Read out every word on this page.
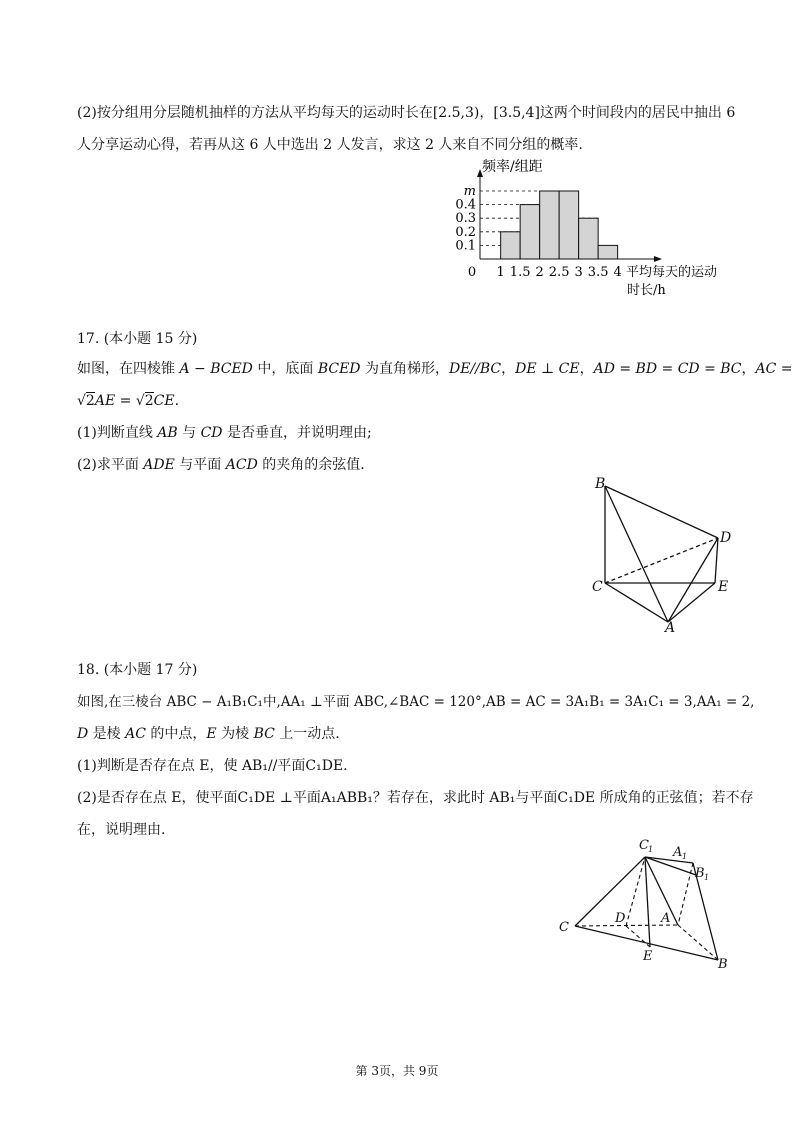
(2)按分组用分层随机抽样的方法从平均每天的运动时长在[2.5,3)，[3.5,4]这两个时间段内的居民中抽出 6
人分享运动心得，若再从这 6 人中选出 2 人发言，求这 2 人来自不同分组的概率.
频率/组距
m
0.4
0.3
0.2
0.1
0 1 1.5 2 2.5 3 3.5 4 平均每天的运动
时长/h
17. (本小题 15 分)
如图，在四棱锥 A − BCED 中，底面 BCED 为直角梯形，DE//BC，DE ⊥ CE，AD = BD = CD = BC，AC =
√2AE = √2CE.
(1)判断直线 AB 与 CD 是否垂直，并说明理由;
(2)求平面 ADE 与平面 ACD 的夹角的余弦值.
B
D
C	E
A
18. (本小题 17 分)
如图,在三棱台 ABC − A₁B₁C₁中,AA₁ ⊥平面 ABC,∠BAC = 120°,AB = AC = 3A₁B₁ = 3A₁C₁ = 3,AA₁ = 2,
D 是棱 AC 的中点，E 为棱 BC 上一动点.
(1)判断是否存在点 E，使 AB₁//平面C₁DE.
(2)是否存在点 E，使平面C₁DE ⊥平面A₁ABB₁？若存在，求此时 AB₁与平面C₁DE 所成角的正弦值；若不存
在，说明理由.
C 1 A 1
B 1
C
D	A
E
B
第 3页，共 9页
